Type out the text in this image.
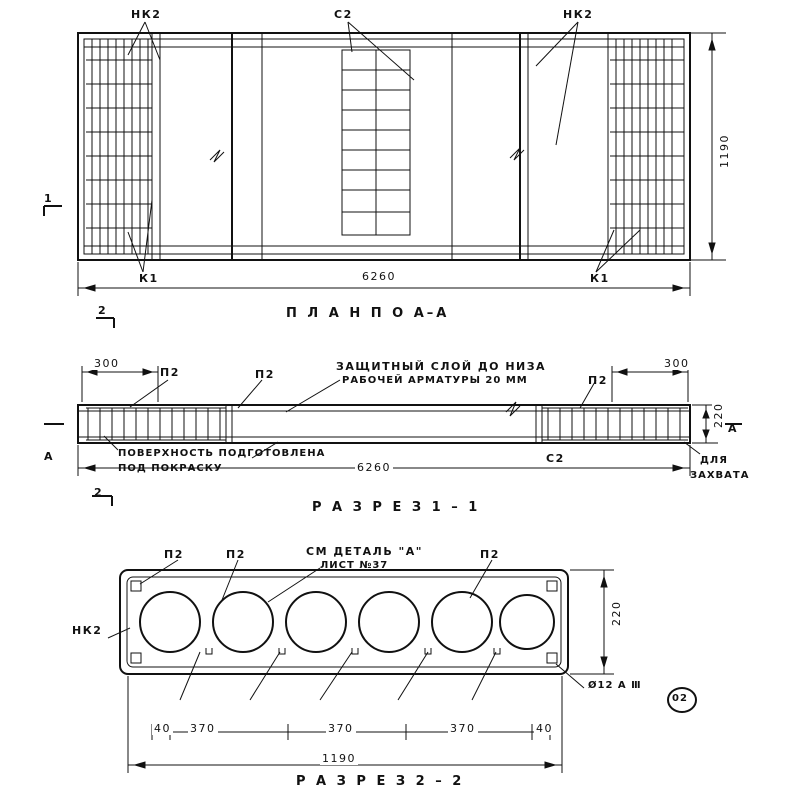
НК2	С2	НК2
К1	К1
1
2
6260
1190
П Л А Н П О А–А
300	300
6260
220
П2	П2	П2
С2
А
А
2
ЗАЩИТНЫЙ СЛОЙ ДО НИЗА
РАБОЧЕЙ АРМАТУРЫ 20 ММ
ПОВЕРХНОСТЬ ПОДГОТОВЛЕНА
ПОД ПОКРАСКУ
ДЛЯ
ЗАХВАТА
Р А З Р Е З 1 – 1
П2	П2	П2
НК2
СМ ДЕТАЛЬ "А"
ЛИСТ №37
Ø12 А Ⅲ
02
220
40 370	370	370	40
1190
Р А З Р Е З 2 – 2
